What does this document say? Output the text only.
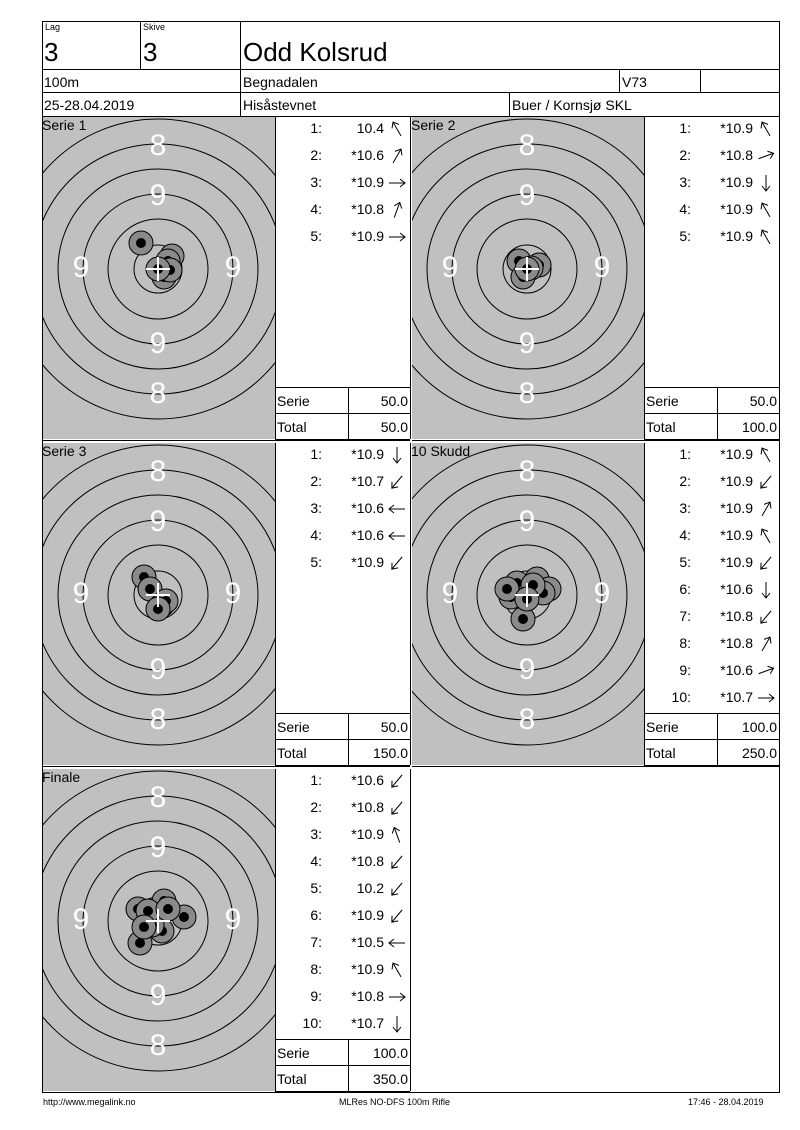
Lag
3
Skive
3	Odd Kolsrud
100m	Begnadalen	V73
25-28.04.2019	Hisåstevnet	Buer / Kornsjø SKL
8
9
9	9
9
8
Serie 1	1:	10.4
2:	*10.6
3:	*10.9
4:	*10.8
5:	*10.9
Serie	50.0
Total	50.0
8
9
9	9
9
8
Serie 2	1:	*10.9
2:	*10.8
3:	*10.9
4:	*10.9
5:	*10.9
Serie	50.0
Total	100.0
8
9
9	9
9
8
Serie 3	1:	*10.9
2:	*10.7
3:	*10.6
4:	*10.6
5:	*10.9
Serie	50.0
Total	150.0
8
9
9	9
9
8
10 Skudd	1:	*10.9
2:	*10.9
3:	*10.9
4:	*10.9
5:	*10.9
6:	*10.6
7:	*10.8
8:	*10.8
9:	*10.6
10:	*10.7
Serie	100.0
Total	250.0
8
9
9	9
9
8
Finale	1:	*10.6
2:	*10.8
3:	*10.9
4:	*10.8
5:	10.2
6:	*10.9
7:	*10.5
8:	*10.9
9:	*10.8
10:	*10.7
Serie	100.0
Total	350.0
http://www.megalink.no	MLRes NO-DFS 100m Rifle	17:46 - 28.04.2019
